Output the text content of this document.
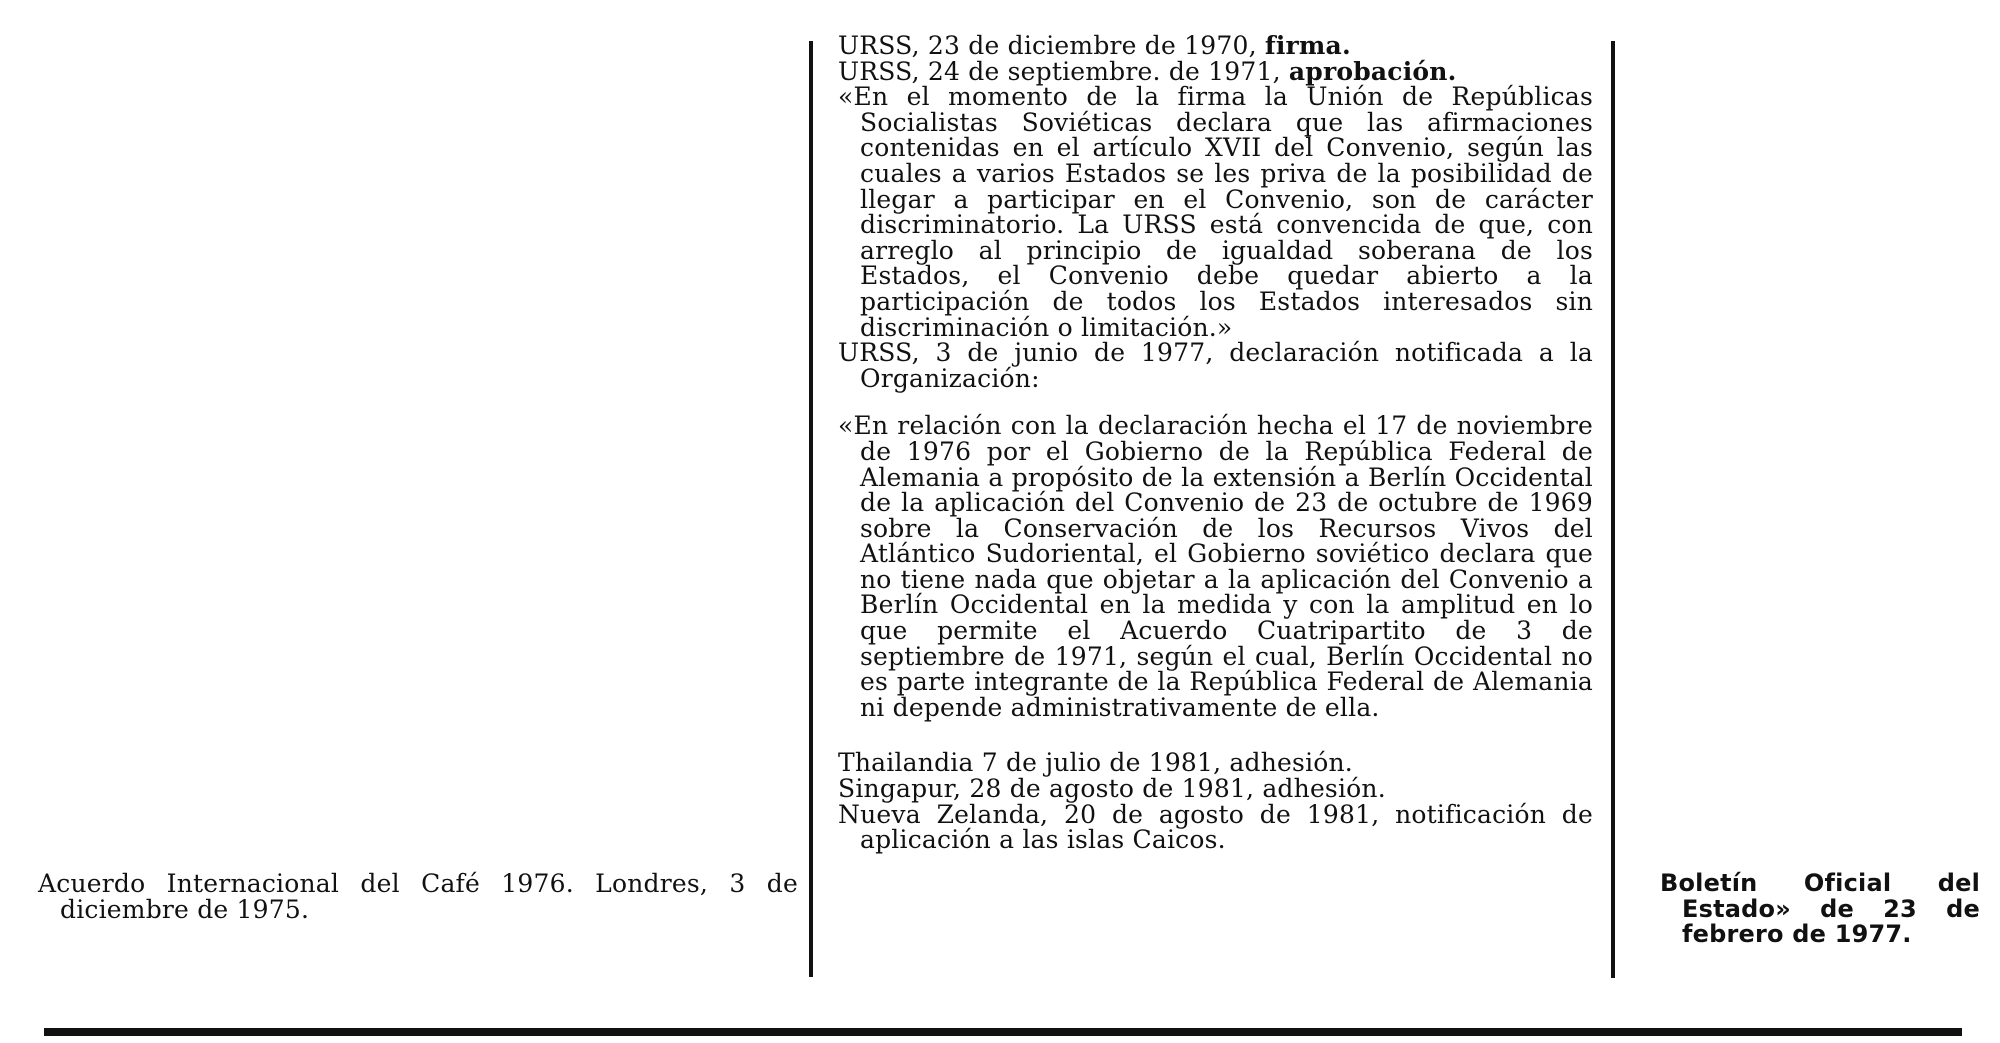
Acuerdo Internacional del Café 1976. Londres, 3 de diciembre de 1975.

URSS, 23 de diciembre de 1970, firma.

URSS, 24 de septiembre. de 1971, aprobación.

«En el momento de la firma la Unión de Repúblicas Socialistas Soviéticas declara que las afirmaciones contenidas en el artículo XVII del Convenio, según las cuales a varios Estados se les priva de la posibilidad de llegar a participar en el Convenio, son de carácter discriminatorio. La URSS está convencida de que, con arreglo al principio de igualdad soberana de los Estados, el Convenio debe quedar abierto a la participación de todos los Estados interesados sin discriminación o limitación.»

URSS, 3 de junio de 1977, declaración notificada a la Organización:

«En relación con la declaración hecha el 17 de noviembre de 1976 por el Gobierno de la República Federal de Alemania a propósito de la extensión a Berlín Occidental de la aplicación del Convenio de 23 de octubre de 1969 sobre la Conservación de los Recursos Vivos del Atlántico Sudoriental, el Gobierno soviético declara que no tiene nada que objetar a la aplicación del Convenio a Berlín Occidental en la medida y con la amplitud en lo que permite el Acuerdo Cuatripartito de 3 de septiembre de 1971, según el cual, Berlín Occidental no es parte integrante de la República Federal de Alemania ni depende administrativamente de ella.

Thailandia 7 de julio de 1981, adhesión.

Singapur, 28 de agosto de 1981, adhesión.

Nueva Zelanda, 20 de agosto de 1981, notificación de aplicación a las islas Caicos.

Boletín Oficial del Estado» de 23 de febrero de 1977.
